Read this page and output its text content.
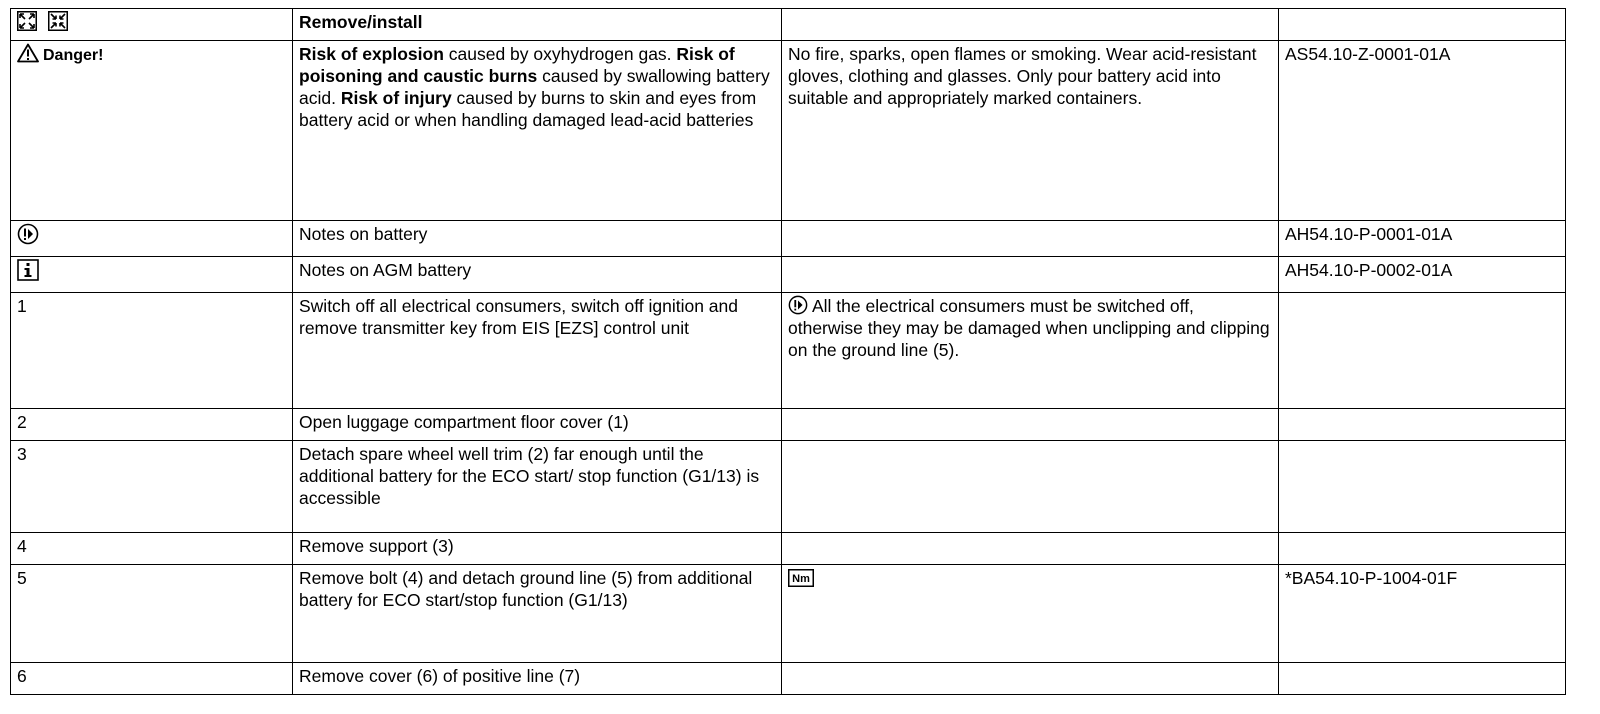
	Remove/install		
Danger!	Risk of explosion caused by oxyhydrogen gas. Risk of poisoning and caustic burns caused by swallowing battery acid. Risk of injury caused by burns to skin and eyes from battery acid or when handling damaged lead-acid batteries	No fire, sparks, open flames or smoking. Wear acid-resistant gloves, clothing and glasses. Only pour battery acid into suitable and appropriately marked containers.	AS54.10-Z-0001-01A
	Notes on battery		AH54.10-P-0001-01A
	Notes on AGM battery		AH54.10-P-0002-01A
1	Switch off all electrical consumers, switch off ignition and remove transmitter key from EIS [EZS] control unit	All the electrical consumers must be switched off, otherwise they may be damaged when unclipping and clipping on the ground line (5).	
2	Open luggage compartment floor cover (1)		
3	Detach spare wheel well trim (2) far enough until the additional battery for the ECO start/ stop function (G1/13) is accessible		
4	Remove support (3)		
5	Remove bolt (4) and detach ground line (5) from additional battery for ECO start/stop function (G1/13)	Nm	*BA54.10-P-1004-01F
6	Remove cover (6) of positive line (7)		
